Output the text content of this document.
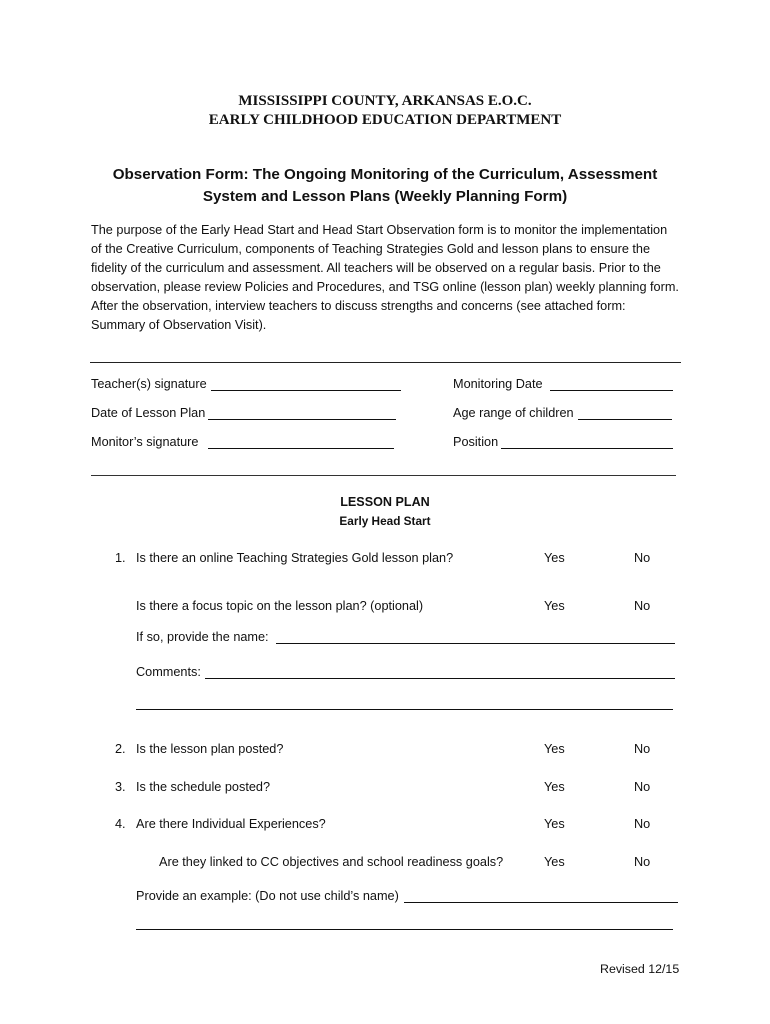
MISSISSIPPI COUNTY, ARKANSAS E.O.C.
EARLY CHILDHOOD EDUCATION DEPARTMENT
Observation Form: The Ongoing Monitoring of the Curriculum, Assessment
System and Lesson Plans (Weekly Planning Form)
The purpose of the Early Head Start and Head Start Observation form is to monitor the implementation
of the Creative Curriculum, components of Teaching Strategies Gold and lesson plans to ensure the
fidelity of the curriculum and assessment. All teachers will be observed on a regular basis. Prior to the
observation, please review Policies and Procedures, and TSG online (lesson plan) weekly planning form.
After the observation, interview teachers to discuss strengths and concerns (see attached form:
Summary of Observation Visit).
Teacher(s) signature	Monitoring Date
Date of Lesson Plan	Age range of children
Monitor’s signature	Position
LESSON PLAN
Early Head Start
1. Is there an online Teaching Strategies Gold lesson plan?	Yes	No
Is there a focus topic on the lesson plan? (optional)	Yes	No
If so, provide the name:
Comments:
2. Is the lesson plan posted?	Yes	No
3. Is the schedule posted?	Yes	No
4. Are there Individual Experiences?	Yes	No
Are they linked to CC objectives and school readiness goals?	Yes	No
Provide an example: (Do not use child’s name)
Revised 12/15
